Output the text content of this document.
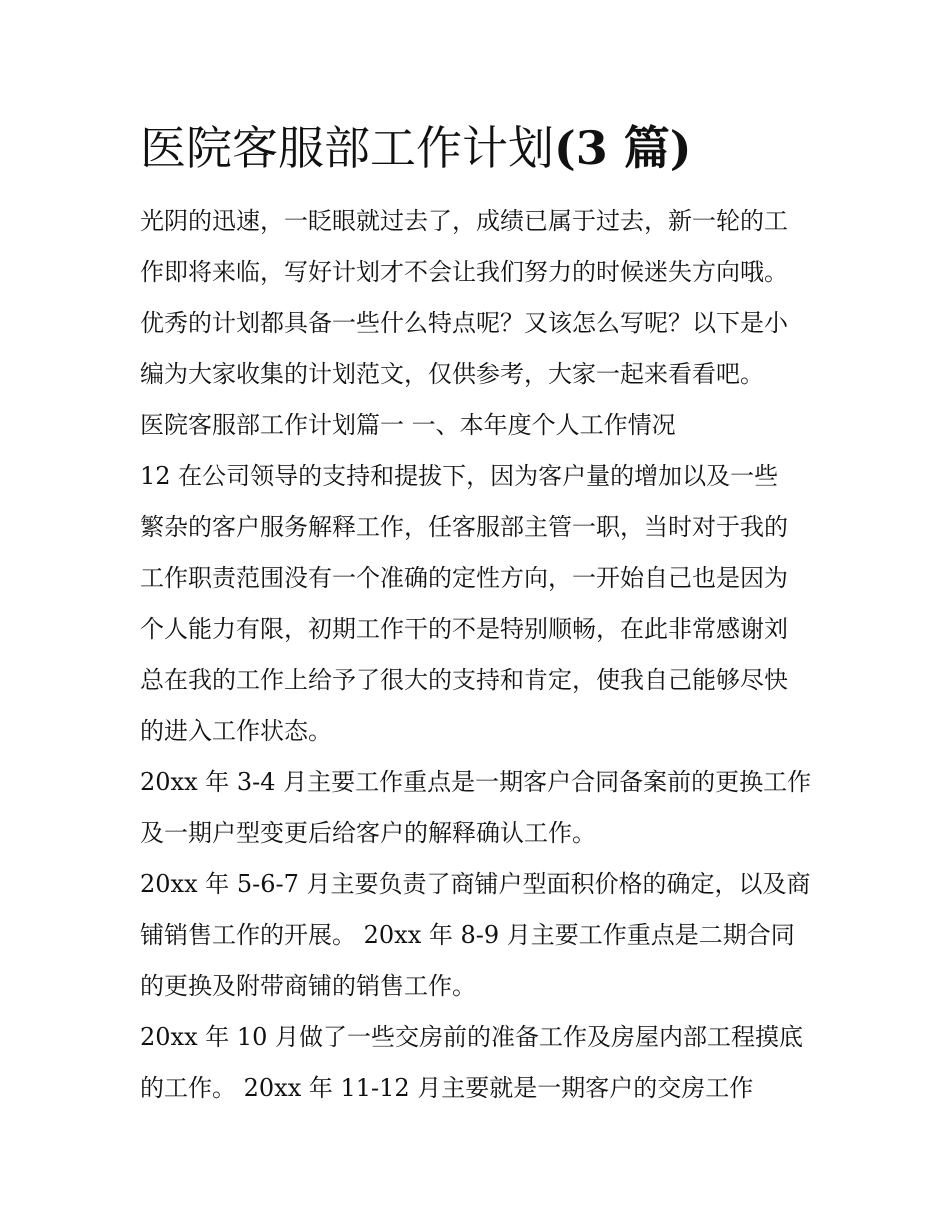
医院客服部工作计划(3 篇)
光阴的迅速，一眨眼就过去了，成绩已属于过去，新一轮的工
作即将来临，写好计划才不会让我们努力的时候迷失方向哦。
优秀的计划都具备一些什么特点呢？又该怎么写呢？以下是小
编为大家收集的计划范文，仅供参考，大家一起来看看吧。
医院客服部工作计划篇一 一、本年度个人工作情况
12 在公司领导的支持和提拔下，因为客户量的增加以及一些
繁杂的客户服务解释工作，任客服部主管一职，当时对于我的
工作职责范围没有一个准确的定性方向，一开始自己也是因为
个人能力有限，初期工作干的不是特别顺畅，在此非常感谢刘
总在我的工作上给予了很大的支持和肯定，使我自己能够尽快
的进入工作状态。
20xx 年 3-4 月主要工作重点是一期客户合同备案前的更换工作
及一期户型变更后给客户的解释确认工作。
20xx 年 5-6-7 月主要负责了商铺户型面积价格的确定，以及商
铺销售工作的开展。 20xx 年 8-9 月主要工作重点是二期合同
的更换及附带商铺的销售工作。
20xx 年 10 月做了一些交房前的准备工作及房屋内部工程摸底
的工作。 20xx 年 11-12 月主要就是一期客户的交房工作
